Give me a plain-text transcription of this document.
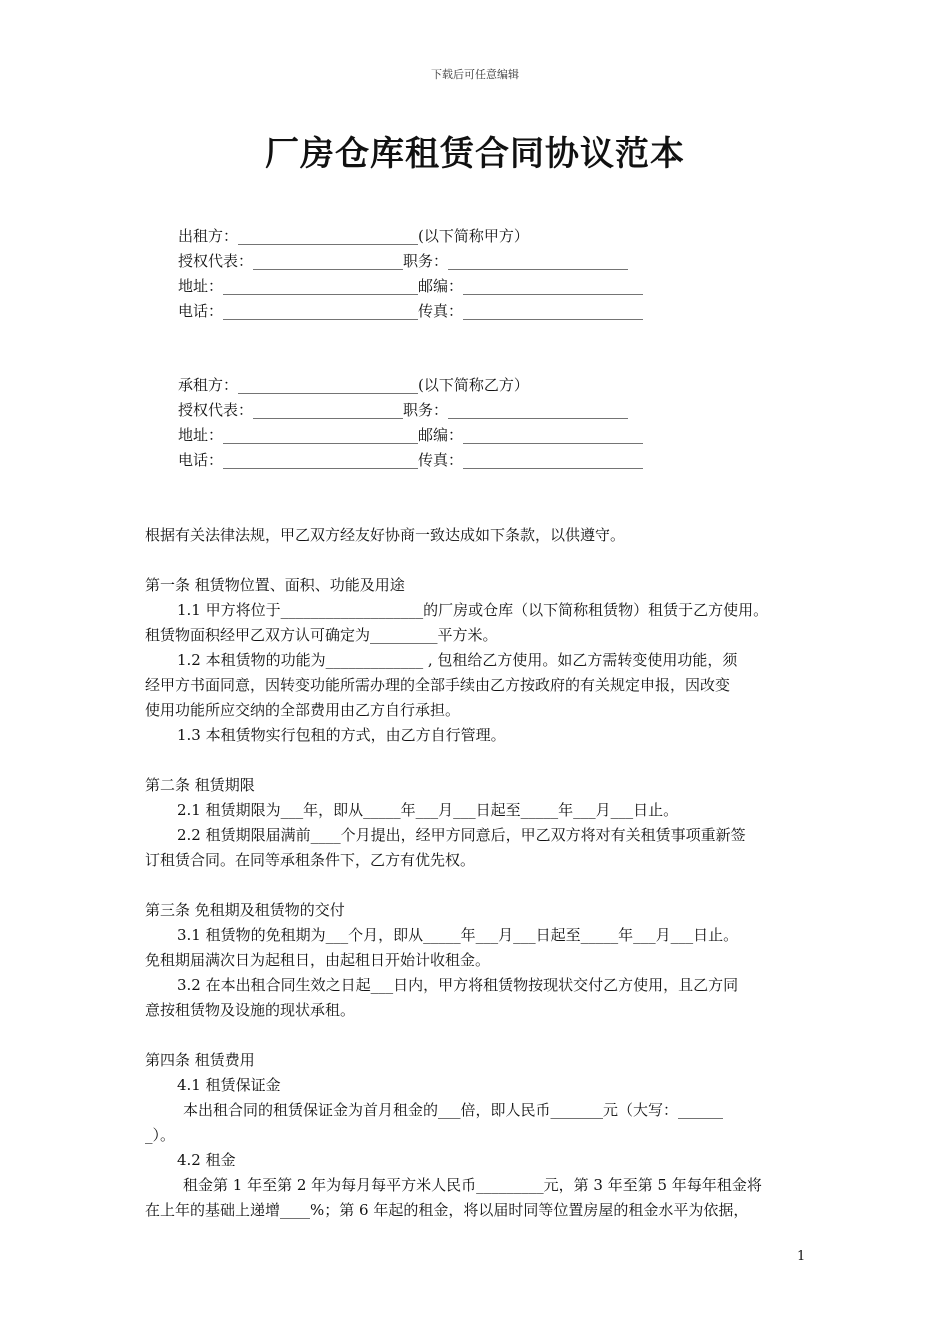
下载后可任意编辑
厂房仓库租赁合同协议范本
出租方：________________________(以下简称甲方）
授权代表：____________________职务：________________________
地址：__________________________邮编：________________________
电话：__________________________传真：________________________
承租方：________________________(以下简称乙方）
授权代表：____________________职务：________________________
地址：__________________________邮编：________________________
电话：__________________________传真：________________________

根据有关法律法规，甲乙双方经友好协商一致达成如下条款，以供遵守。

第一条 租赁物位置、面积、功能及用途

1.1 甲方将位于___________________的厂房或仓库（以下简称租赁物）租赁于乙方使用。

租赁物面积经甲乙双方认可确定为_________平方米。

1.2 本租赁物的功能为_____________ , 包租给乙方使用。如乙方需转变使用功能，须

经甲方书面同意，因转变功能所需办理的全部手续由乙方按政府的有关规定申报，因改变

使用功能所应交纳的全部费用由乙方自行承担。

1.3 本租赁物实行包租的方式，由乙方自行管理。

第二条 租赁期限

2.1 租赁期限为___年，即从_____年___月___日起至_____年___月___日止。

2.2 租赁期限届满前____个月提出，经甲方同意后，甲乙双方将对有关租赁事项重新签

订租赁合同。在同等承租条件下，乙方有优先权。

第三条 免租期及租赁物的交付

3.1 租赁物的免租期为___个月，即从_____年___月___日起至_____年___月___日止。

免租期届满次日为起租日，由起租日开始计收租金。

3.2 在本出租合同生效之日起___日内，甲方将租赁物按现状交付乙方使用，且乙方同

意按租赁物及设施的现状承租。

第四条 租赁费用

4.1 租赁保证金

本出租合同的租赁保证金为首月租金的___倍，即人民币_______元（大写：______

_）。

4.2 租金

租金第 1 年至第 2 年为每月每平方米人民币_________元，第 3 年至第 5 年每年租金将

在上年的基础上递增____%；第 6 年起的租金，将以届时同等位置房屋的租金水平为依据，

1
